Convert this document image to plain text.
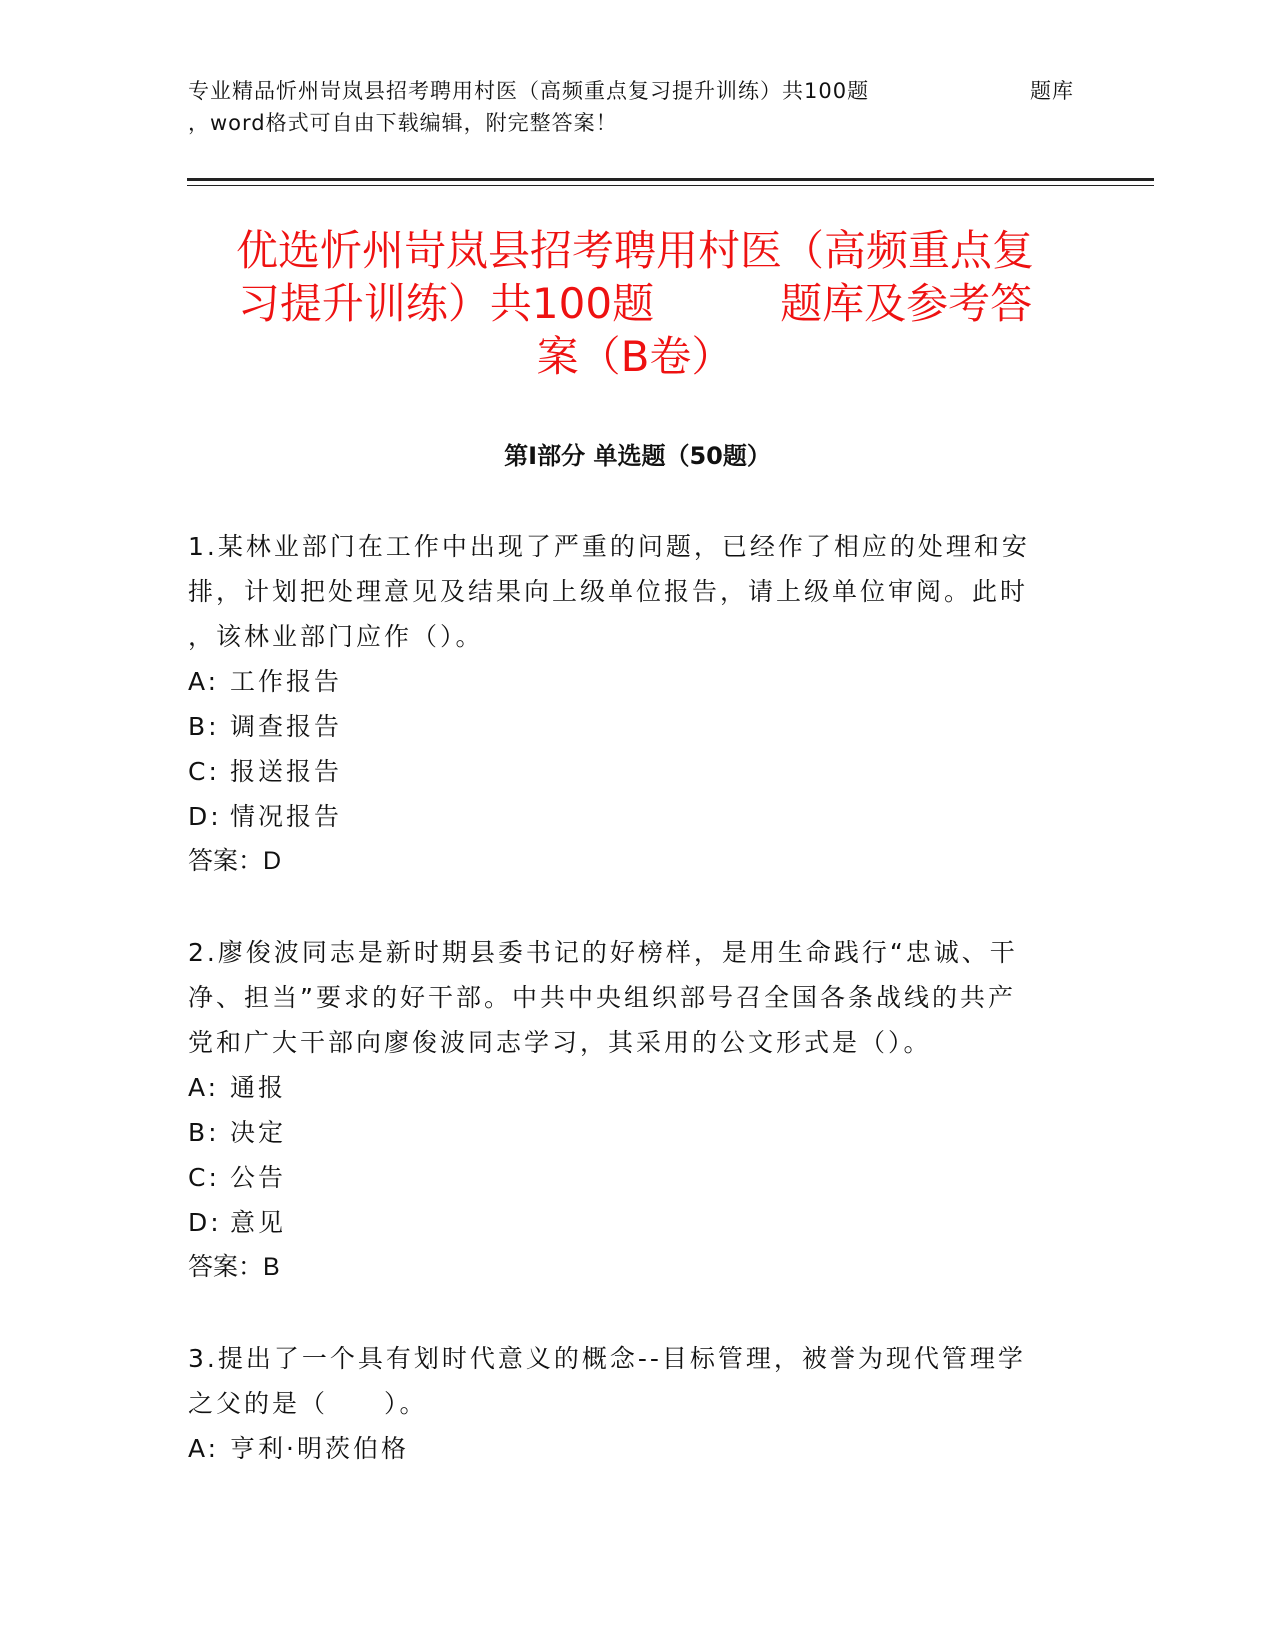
专业精品忻州岢岚县招考聘用村医（高频重点复习提升训练）共100题	题库
，word格式可自由下载编辑，附完整答案！
优选忻州岢岚县招考聘用村医（高频重点复
习提升训练）共100题　　　题库及参考答
案（B卷）
第I部分 单选题（50题）
1.某林业部门在工作中出现了严重的问题，已经作了相应的处理和安
排，计划把处理意见及结果向上级单位报告，请上级单位审阅。此时
，该林业部门应作（）。
A: 工作报告
B: 调查报告
C: 报送报告
D: 情况报告
答案：D
2.廖俊波同志是新时期县委书记的好榜样，是用生命践行“忠诚、干
净、担当”要求的好干部。中共中央组织部号召全国各条战线的共产
党和广大干部向廖俊波同志学习，其采用的公文形式是（）。
A: 通报
B: 决定
C: 公告
D: 意见
答案：B
3.提出了一个具有划时代意义的概念--目标管理，被誉为现代管理学
之父的是（　　）。
A: 亨利·明茨伯格
